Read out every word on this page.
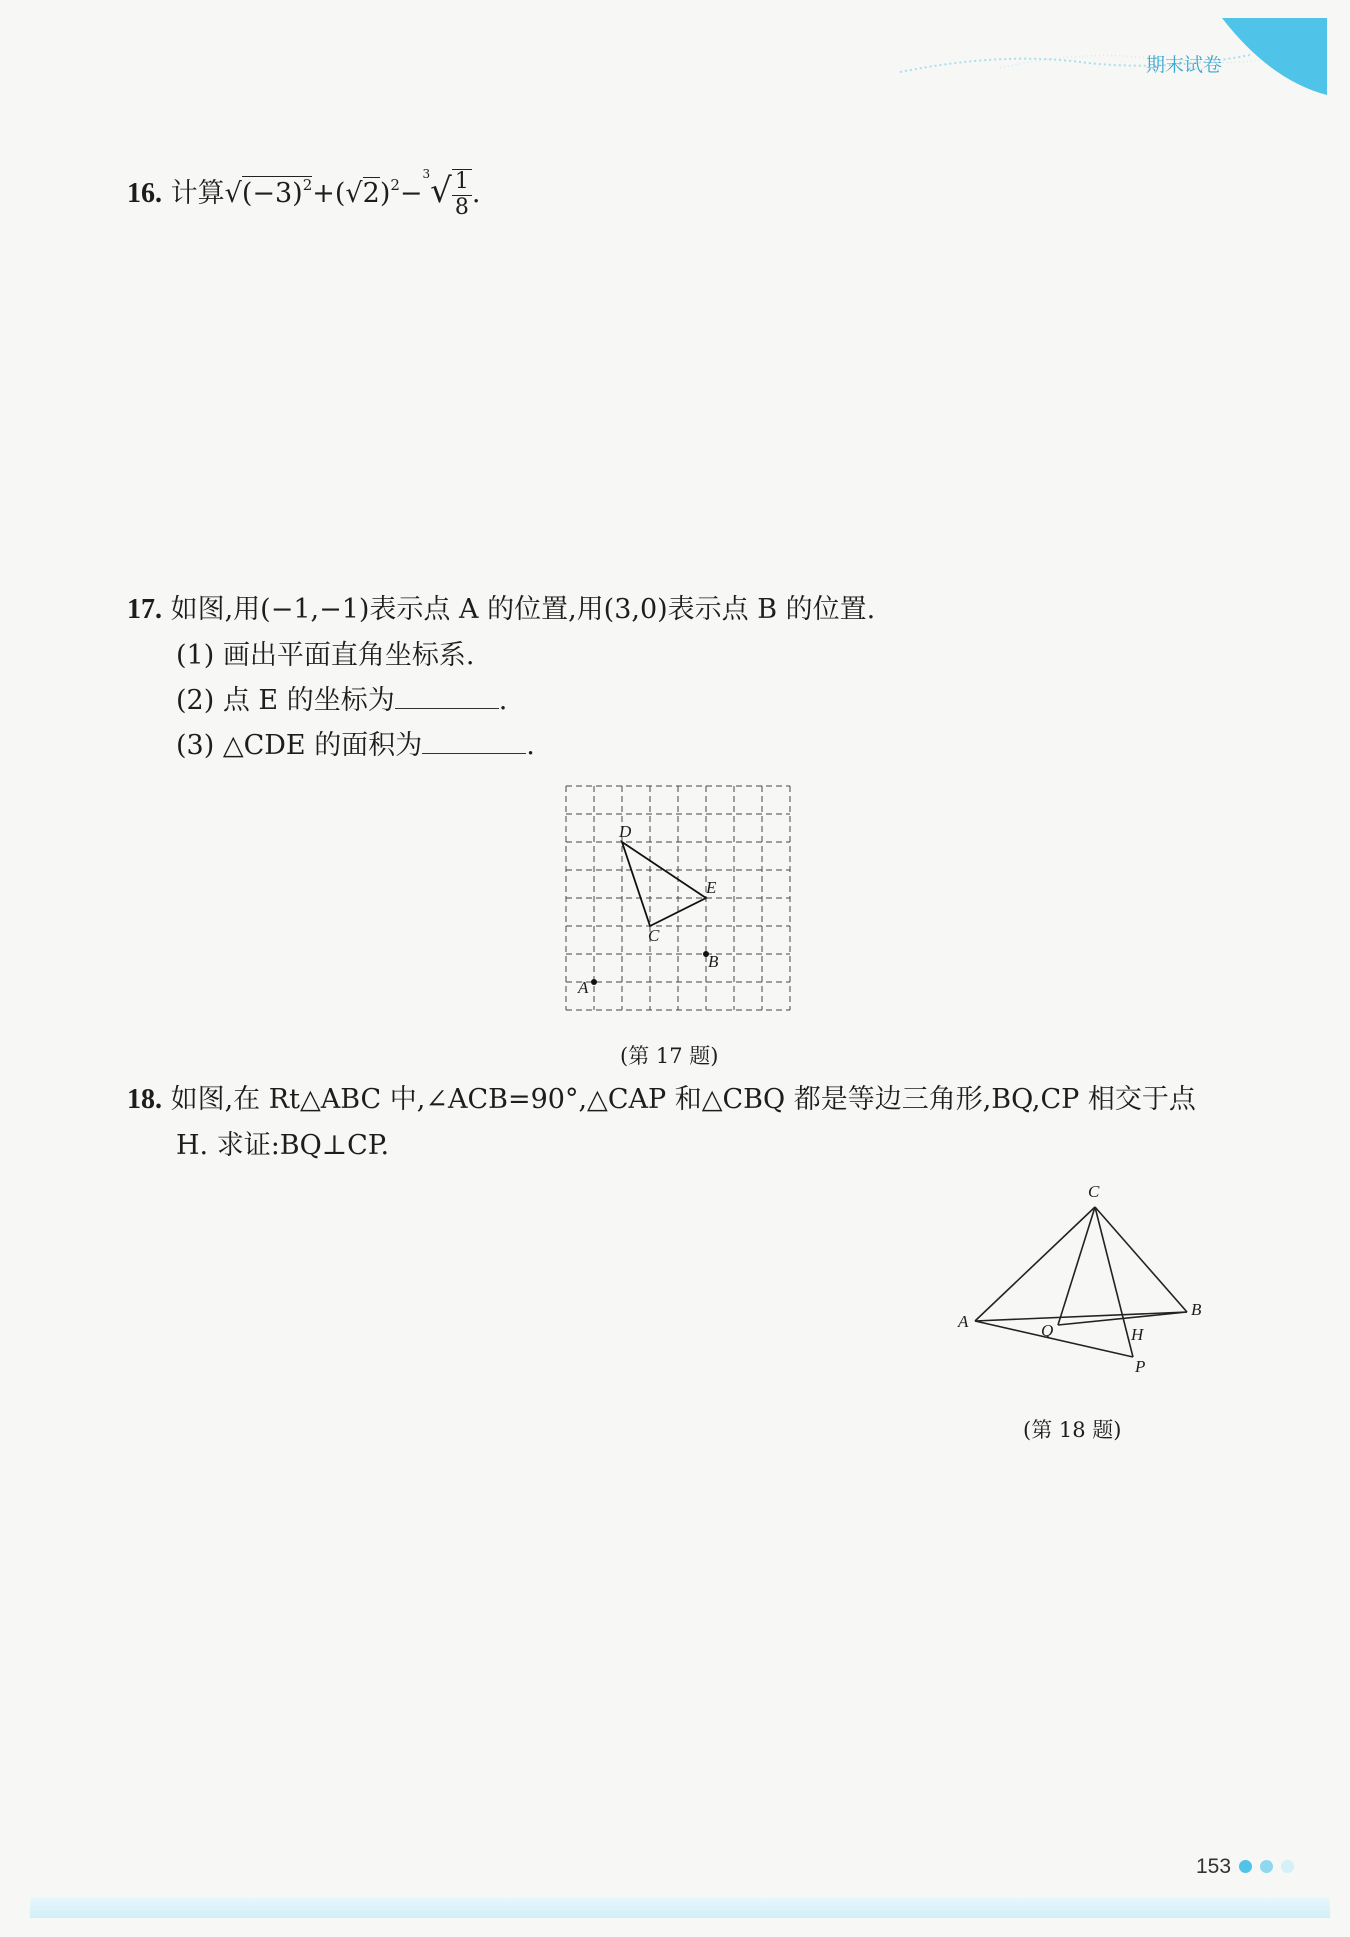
期末试卷
16. 计算$√(-3)^2+(√2)^2-^3√ \frac{1}{8}$ .
17. 如图,用(−1,−1)表示点 A 的位置,用(3,0)表示点 B 的位置.
(1) 画出平面直角坐标系.
(2) 点 E 的坐标为	.
(3) △CDE 的面积为	.
D
E
C
B
A
(第 17 题)
18. 如图,在 Rt△ABC 中,∠ACB=90°,△CAP 和△CBQ 都是等边三角形,BQ,CP 相交于点
H. 求证:BQ⊥CP.
C
A
B
Q	H
P
(第 18 题)
153
